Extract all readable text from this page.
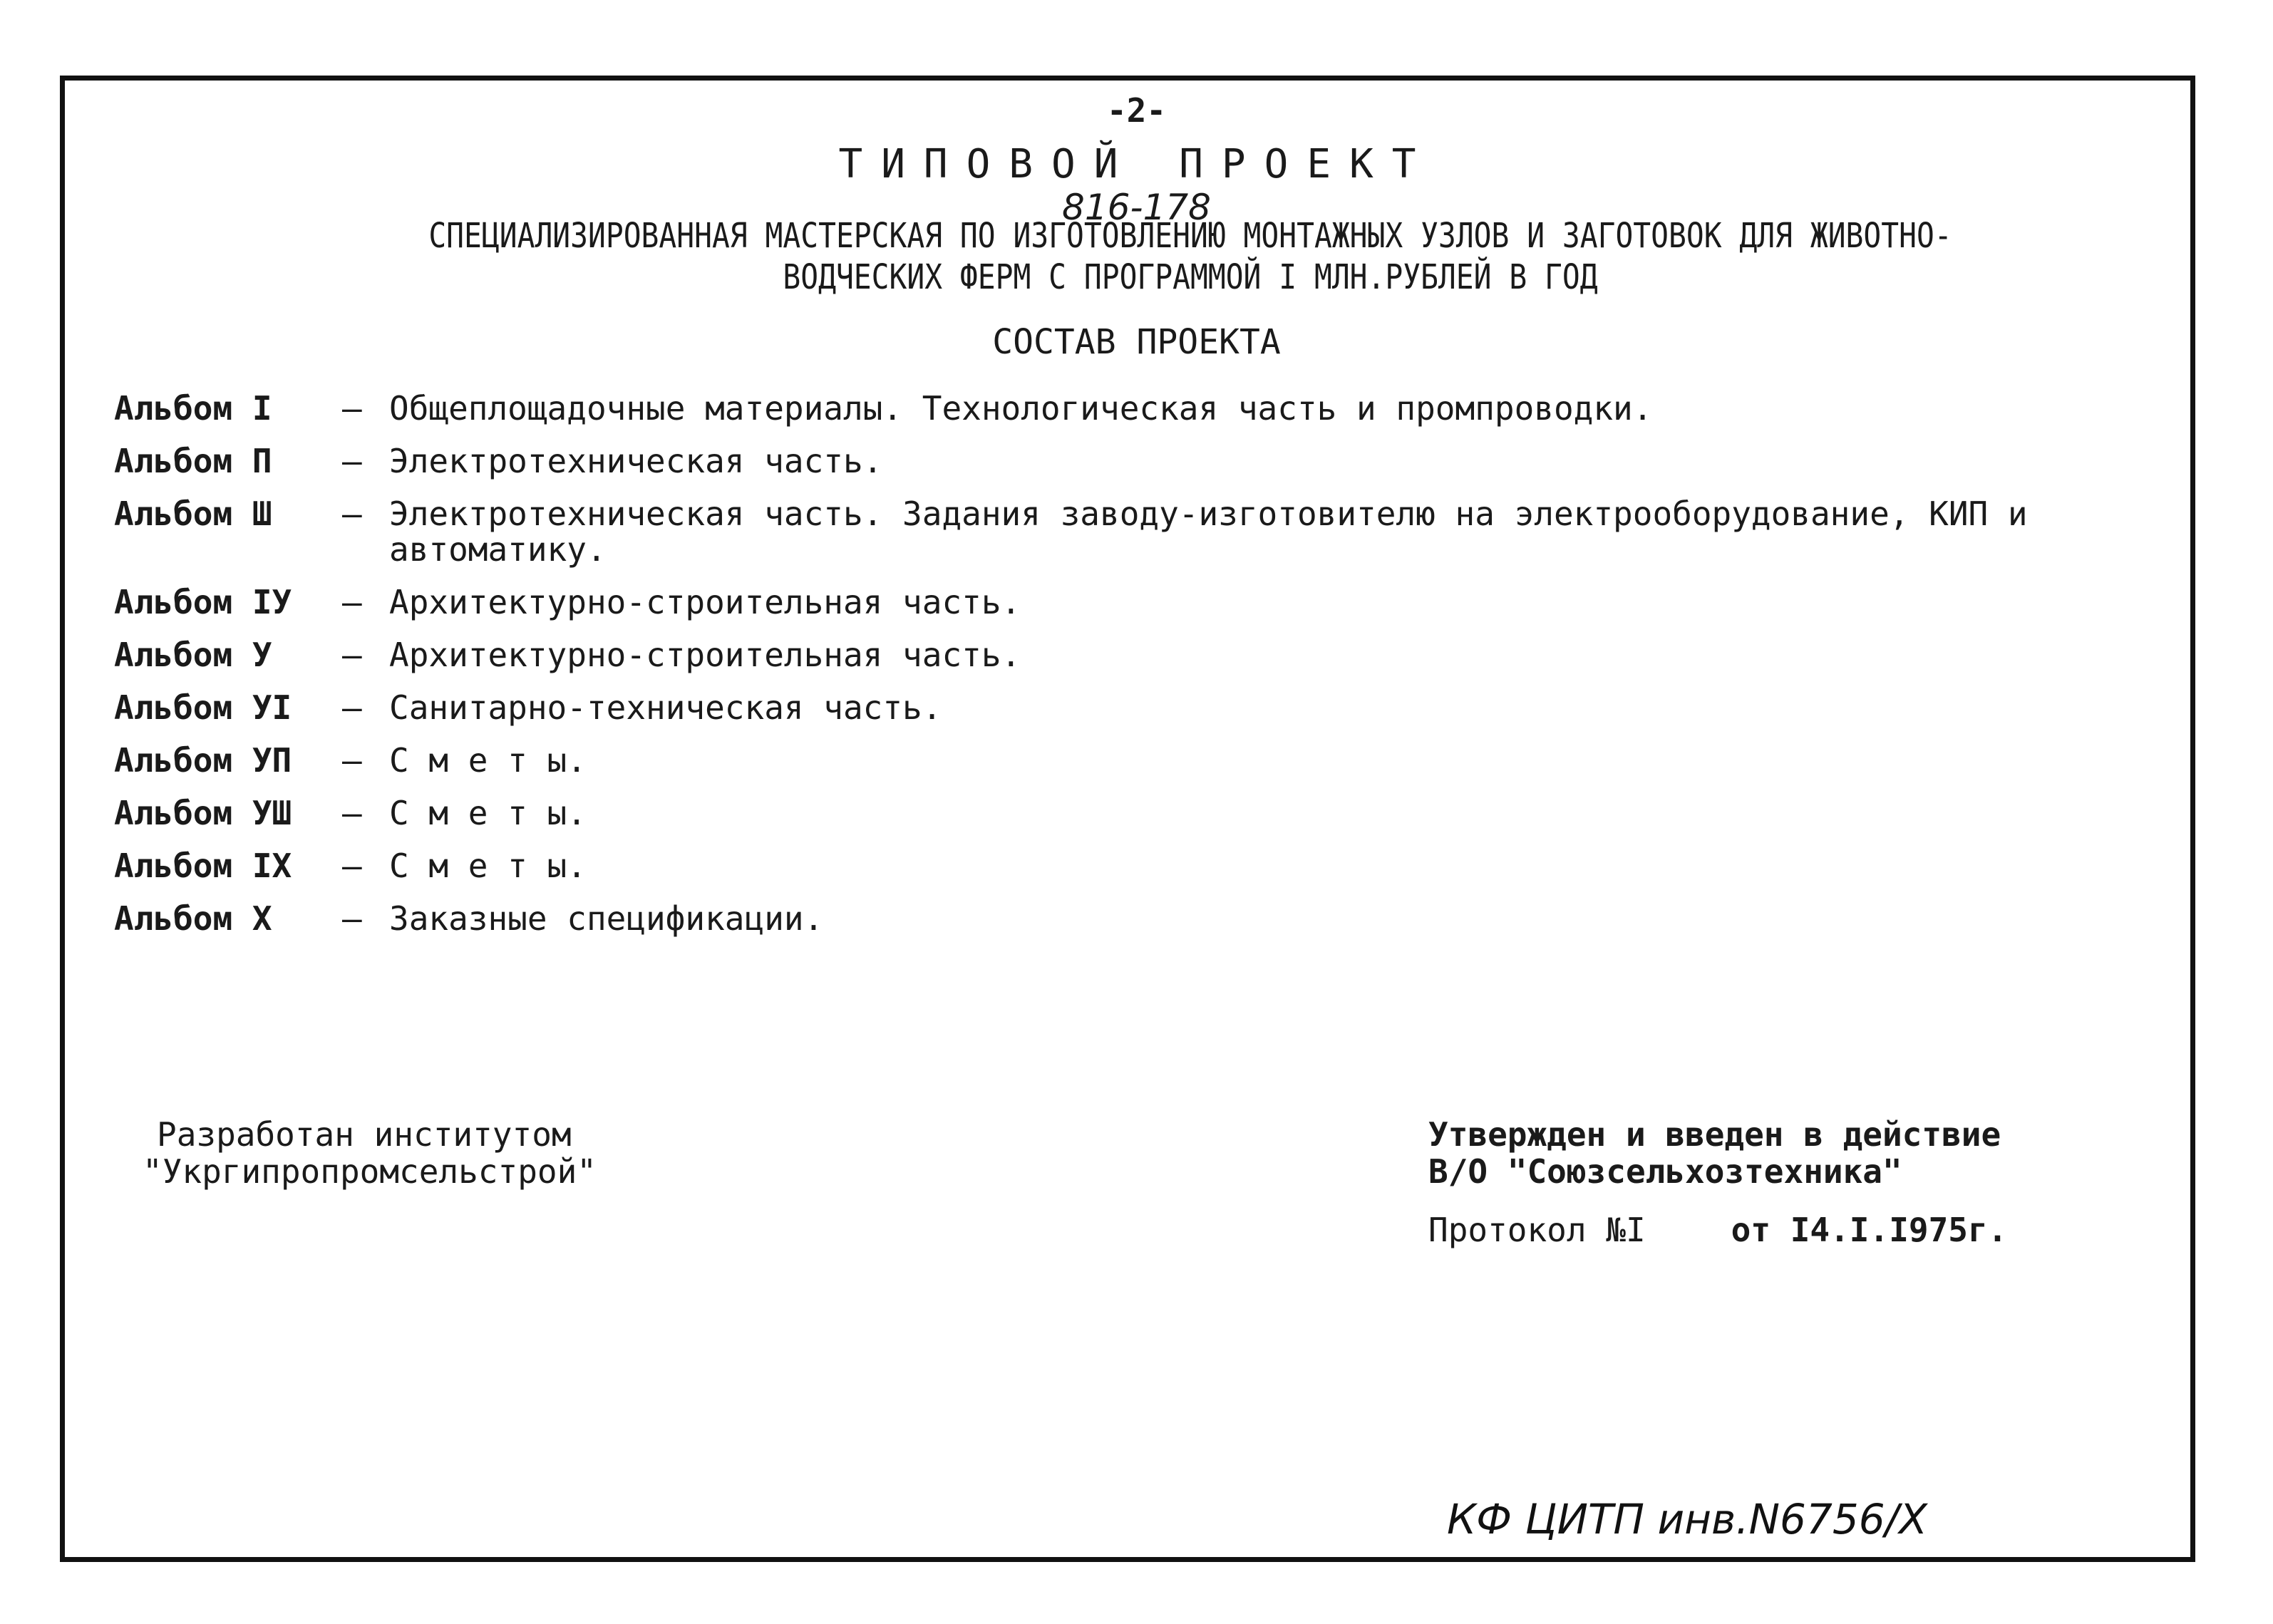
-2-
ТИПОВОЙ ПРОЕКТ
816-178
СПЕЦИАЛИЗИРОВАННАЯ МАСТЕРСКАЯ ПО ИЗГОТОВЛЕНИЮ МОНТАЖНЫХ УЗЛОВ И ЗАГОТОВОК ДЛЯ ЖИВОТНО-
ВОДЧЕСКИХ ФЕРМ С ПРОГРАММОЙ I МЛН.РУБЛЕЙ В ГОД
СОСТАВ ПРОЕКТА
Альбом I	– Общеплощадочные материалы. Технологическая часть и промпроводки.
Альбом П	– Электротехническая часть.
Альбом Ш	– Электротехническая часть. Задания заводу-изготовителю на электрооборудование, КИП и автоматику.
Альбом IУ	– Архитектурно-строительная часть.
Альбом У	– Архитектурно-строительная часть.
Альбом УI	– Санитарно-техническая часть.
Альбом УП	– С м е т ы.
Альбом УШ	– С м е т ы.
Альбом IХ	– С м е т ы.
Альбом Х	– Заказные спецификации.
Разработан институтом
"Укргипропромсельстрой"
Утвержден и введен в действие
В/О "Союзсельхозтехника"
Протокол №I	от I4.I.I975г.
КФ ЦИТП инв.N6756/Х
